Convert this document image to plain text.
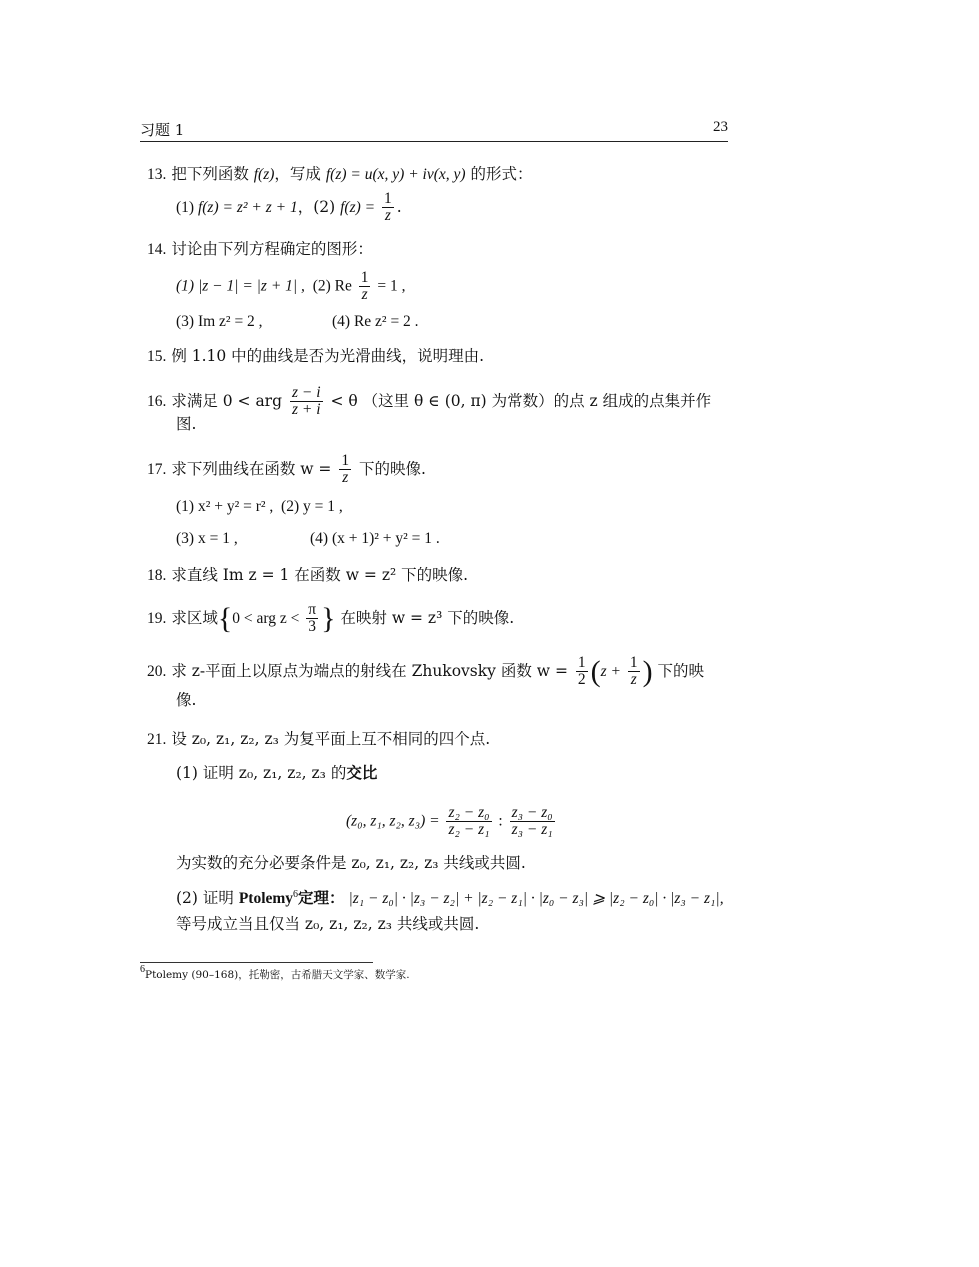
习题 1	23
13. 把下列函数 f(z)，写成 f(z) = u(x, y) + iv(x, y) 的形式：
(1) f(z) = z² + z + 1，(2) $f(z) = \frac{1}{z}$ .
14. 讨论由下列方程确定的图形：
(1) |z − 1| = |z + 1| , (2) Re $\frac{1}{z} = 1$ ,
(3) Im z² = 2 ,	(4) Re z² = 2 .
15. 例 1.10 中的曲线是否为光滑曲线，说明理由.
16. 求满足 0 < arg $\frac{z - i}{z + i} < \theta$ （这里 θ ∈ (0, π) 为常数）的点 z 组成的点集并作
图.
17. 求下列曲线在函数 $w = \frac{1}{z}$ 下的映像.
(1) x² + y² = r² , (2) y = 1 ,
(3) x = 1 ,	(4) (x + 1)² + y² = 1 .
18. 求直线 Im z = 1 在函数 w = z² 下的映像.
19. 求区域{0 < arg $z < \frac{\pi}{3}$ } 在映射 w = z³ 下的映像.
20. 求 z-平面上以原点为端点的射线在 Zhukovsky 函数 $w = \frac{1}{2} (z + \frac{1}{z}$ ) 下的映
像.
21. 设 z₀, z₁, z₂, z₃ 为复平面上互不相同的四个点.
(1) 证明 z₀, z₁, z₂, z₃ 的交比
(z₀, z₁, z₂, $z_3) = \frac{\text{z₂ − z₀}}{\text{z₂ − z₁}}$ : $\frac{\text{z₃ − z₀}}{\text{z₃ − z₁}}$
为实数的充分必要条件是 z₀, z₁, z₂, z₃ 共线或共圆.
(2) 证明 Ptolemy$^6$定理： |z₁ − z₀| · |z₃ − z₂| + |z₂ − z₁| · |z₀ − z₃| ⩾ |z₂ − z₀| · |z₃ − z₁|,
等号成立当且仅当 z₀, z₁, z₂, z₃ 共线或共圆.
$^6$Ptolemy (90–168)，托勒密，古希腊天文学家、数学家.
